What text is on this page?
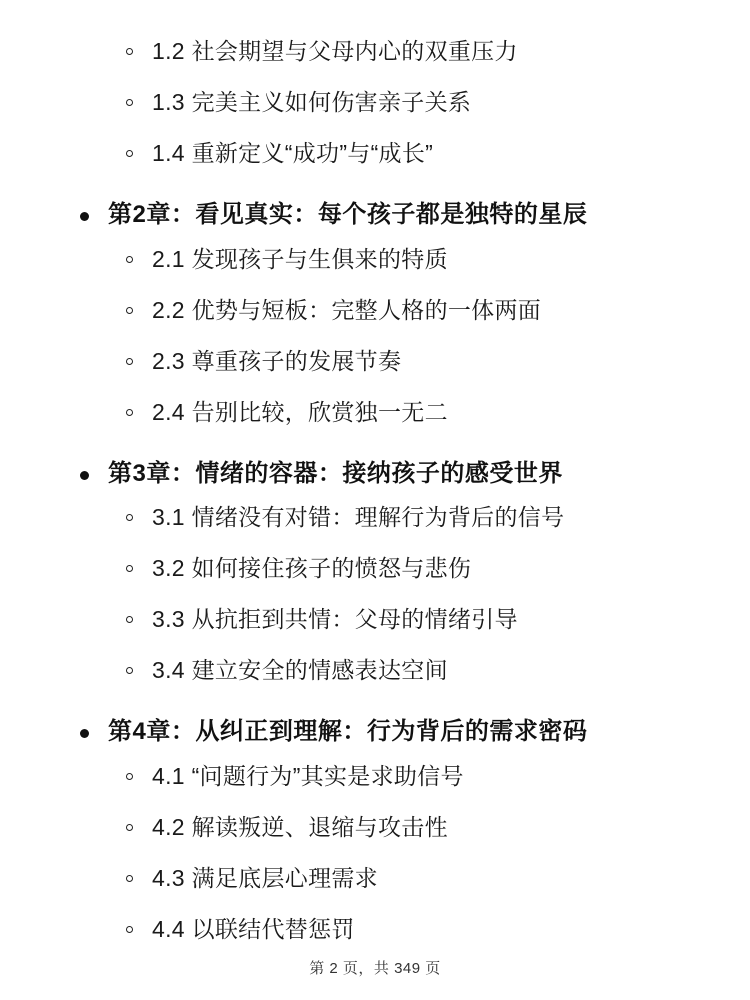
1.2 社会期望与父母内心的双重压力
1.3 完美主义如何伤害亲子关系
1.4 重新定义“成功”与“成长”
第2章：看见真实：每个孩子都是独特的星辰
2.1 发现孩子与生俱来的特质
2.2 优势与短板：完整人格的一体两面
2.3 尊重孩子的发展节奏
2.4 告别比较，欣赏独一无二
第3章：情绪的容器：接纳孩子的感受世界
3.1 情绪没有对错：理解行为背后的信号
3.2 如何接住孩子的愤怒与悲伤
3.3 从抗拒到共情：父母的情绪引导
3.4 建立安全的情感表达空间
第4章：从纠正到理解：行为背后的需求密码
4.1 “问题行为”其实是求助信号
4.2 解读叛逆、退缩与攻击性
4.3 满足底层心理需求
4.4 以联结代替惩罚
第 2 页，共 349 页
